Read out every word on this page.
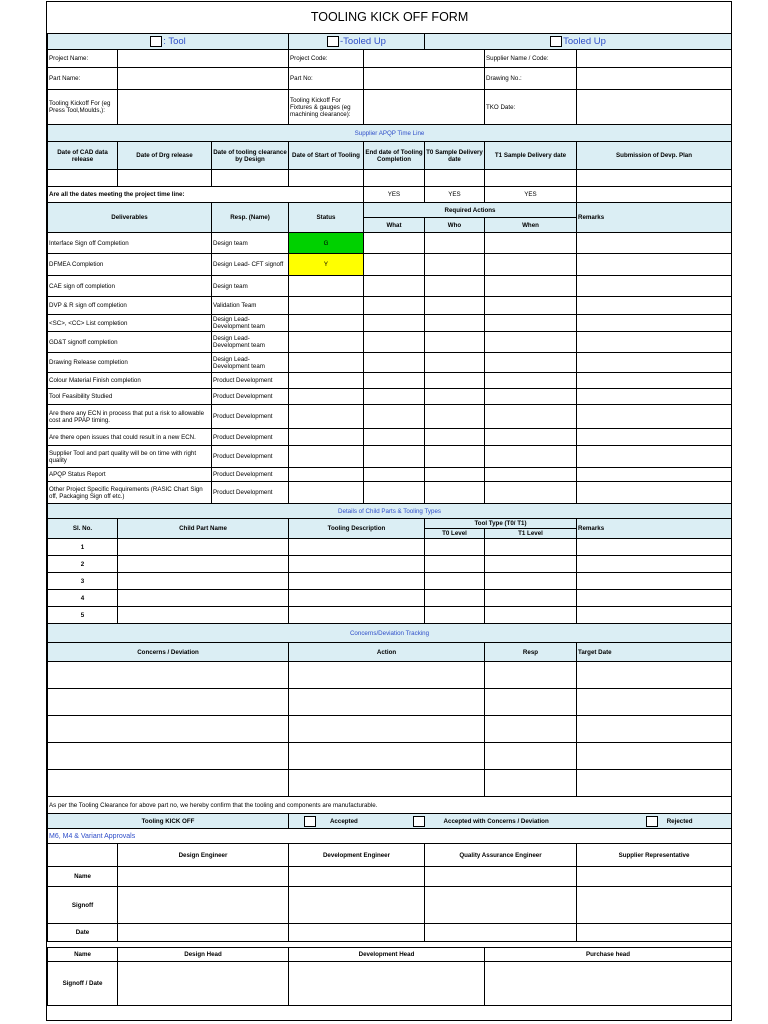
TOOLING KICK OFF FORM							
: Tool			-Tooled Up		Tooled Up		
Project Name:			Project Code:			Supplier Name / Code:	
Part Name:			Part No:			Drawing No.:	
Tooling Kickoff For (eg Press Tool,Moulds,):			Tooling Kickoff For Fixtures & gauges (eg machining clearance):			TKO Date:	
Supplier APQP Time Line							
Date of CAD data release	Date of Drg release	Date of tooling clearance by Design	Date of Start of Tooling	End date of Tooling Completion	T0 Sample Delivery date	T1 Sample Delivery date	Submission of Devp. Plan

Are all the dates meeting the project time line:				YES	YES	YES	
Deliverables		Resp. (Name)	Status	Required Actions			Remarks
				What	Who	When	
Interface Sign off Completion		Design team	G				
DFMEA Completion		Design Lead- CFT signoff	Y				
CAE sign off completion		Design team					
DVP & R sign off completion		Validation Team					
<SC>, <CC> List completion		Design Lead- Development team					
GD&T signoff completion		Design Lead- Development team					
Drawing Release completion		Design Lead- Development team					
Colour Material Finish completion		Product Development					
Tool Feasibility Studied		Product Development					
Are there any ECN in process that put a risk to allowable cost and PPAP timing.		Product Development					
Are there open issues that could result in a new ECN.		Product Development					
Supplier Tool and part quality will be on time with right quality		Product Development					
APQP Status Report		Product Development					
Other Project Specific Requirements (RASIC Chart Sign off, Packaging Sign off etc.)		Product Development					
Details of Child Parts & Tooling Types							
Sl. No.	Child Part Name		Tooling Description		Tool Type (T0/ T1)		Remarks
					T0 Level	T1 Level	
1							
2							
3							
4							
5							
Concerns/Deviation Tracking							
Concerns / Deviation			Action			Resp	Target Date

As per the Tooling Clearance for above part no, we hereby confirm that the tooling and components are manufacturable.							
Tooling KICK OFF			Accepted Accepted with Concerns / Deviation Rejected				
M6, M4 & Variant Approvals							
	Design Engineer		Development Engineer		Quality Assurance Engineer		Supplier Representative
Name							
Signoff							
Date							

Name	Design Head		Development Head			Purchase head	
Signoff / Date							
